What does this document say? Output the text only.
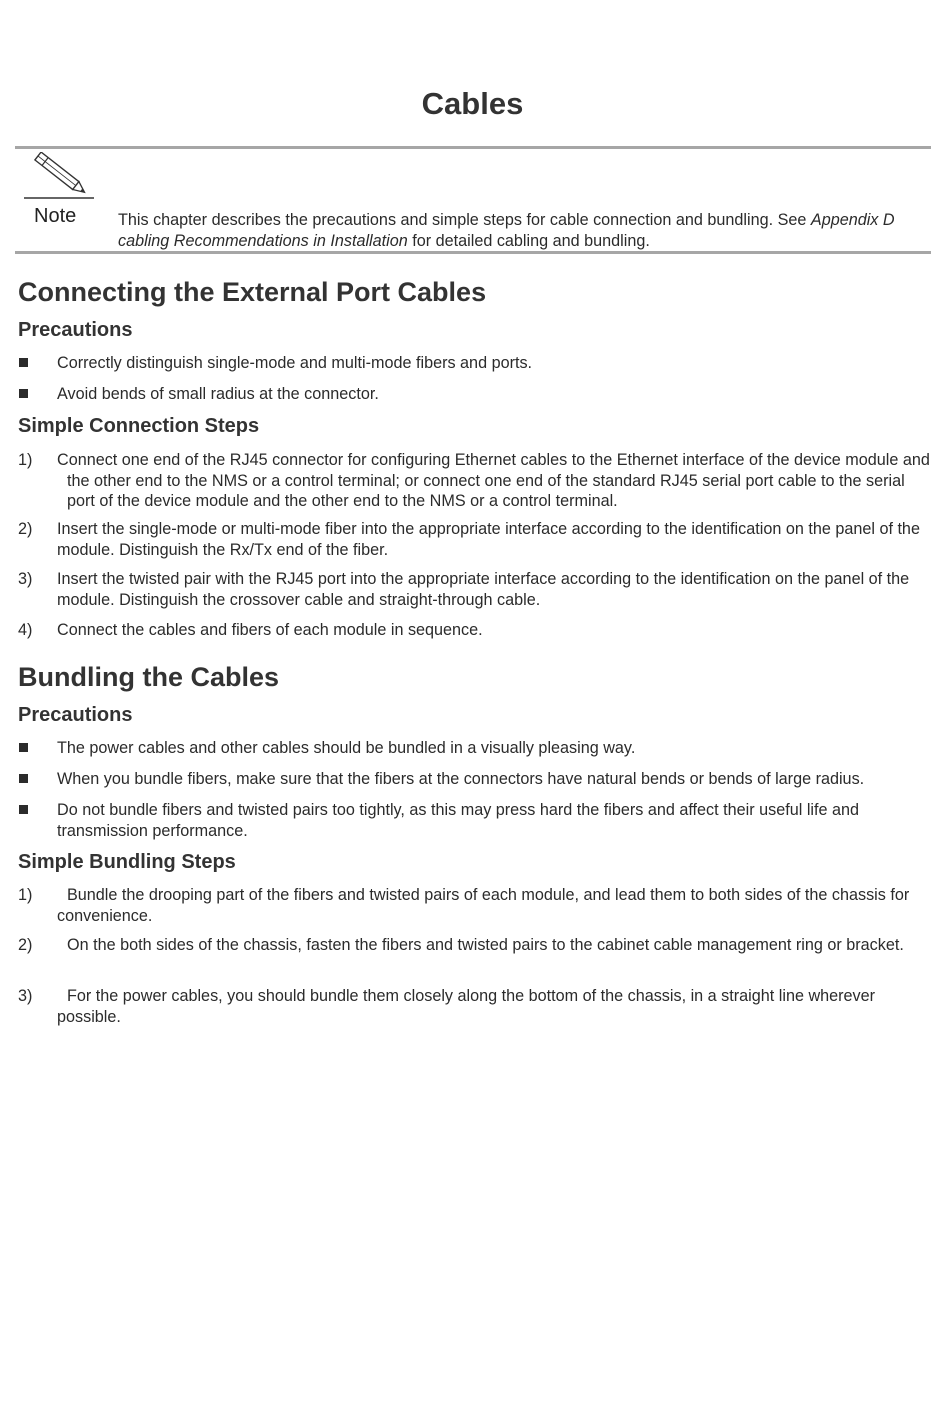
Cables
Note	This chapter describes the precautions and simple steps for cable connection and bundling. See Appendix D cabling Recommendations in Installation for detailed cabling and bundling.
Connecting the External Port Cables
Precautions
Correctly distinguish single-mode and multi-mode fibers and ports.
Avoid bends of small radius at the connector.
Simple Connection Steps
1)	Connect one end of the RJ45 connector for configuring Ethernet cables to the Ethernet interface of the device module and the other end to the NMS or a control terminal; or connect one end of the standard RJ45 serial port cable to the serial port of the device module and the other end to the NMS or a control terminal.
2)	Insert the single-mode or multi-mode fiber into the appropriate interface according to the identification on the panel of the module. Distinguish the Rx/Tx end of the fiber.
3)	Insert the twisted pair with the RJ45 port into the appropriate interface according to the identification on the panel of the module. Distinguish the crossover cable and straight-through cable.
4)	Connect the cables and fibers of each module in sequence.
Bundling the Cables
Precautions
The power cables and other cables should be bundled in a visually pleasing way.
When you bundle fibers, make sure that the fibers at the connectors have natural bends or bends of large radius.
Do not bundle fibers and twisted pairs too tightly, as this may press hard the fibers and affect their useful life and transmission performance.
Simple Bundling Steps
1)	Bundle the drooping part of the fibers and twisted pairs of each module, and lead them to both sides of the chassis for convenience.
2)	On the both sides of the chassis, fasten the fibers and twisted pairs to the cabinet cable management ring or bracket.
3)	For the power cables, you should bundle them closely along the bottom of the chassis, in a straight line wherever possible.
